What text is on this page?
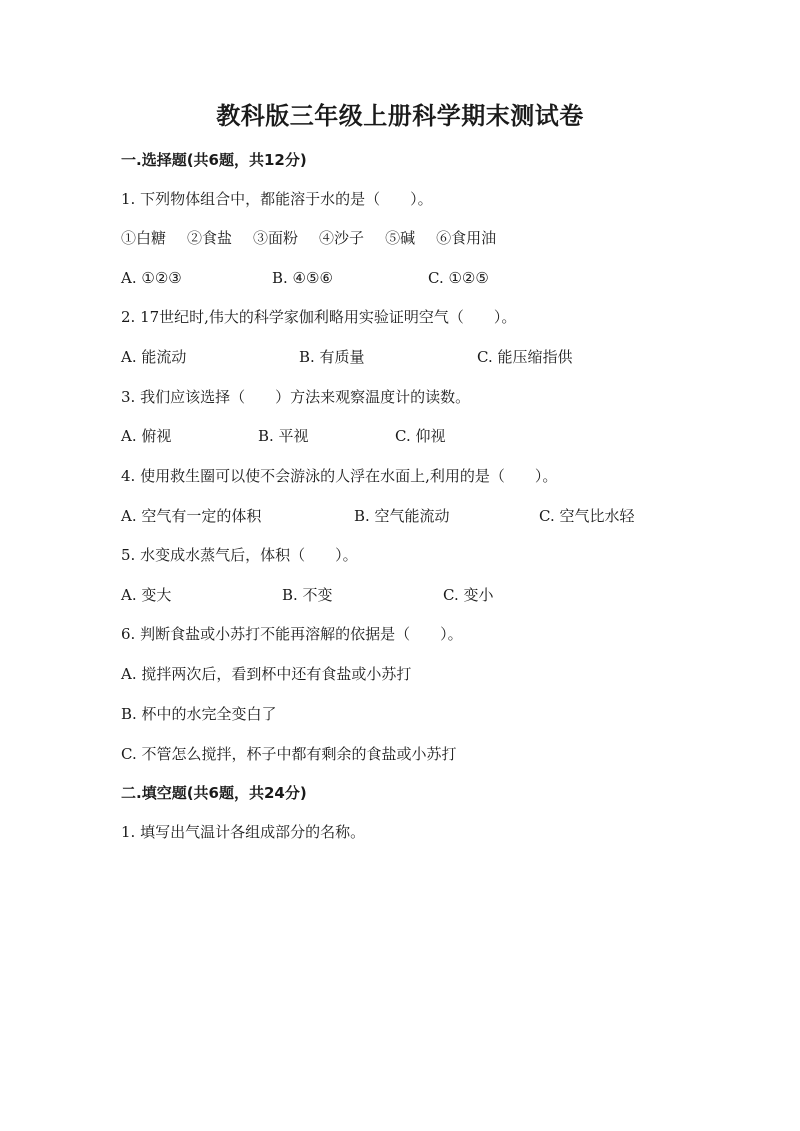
教科版三年级上册科学期末测试卷
一.选择题(共6题，共12分)
1. 下列物体组合中，都能溶于水的是（　　）。
①白糖 ②食盐 ③面粉 ④沙子 ⑤碱 ⑥食用油
A. ①②③	B. ④⑤⑥	C. ①②⑤
2. 17世纪时,伟大的科学家伽利略用实验证明空气（　　）。
A. 能流动	B. 有质量	C. 能压缩指供
3. 我们应该选择（　　）方法来观察温度计的读数。
A. 俯视	B. 平视	C. 仰视
4. 使用救生圈可以使不会游泳的人浮在水面上,利用的是（　　）。
A. 空气有一定的体积	B. 空气能流动	C. 空气比水轻
5. 水变成水蒸气后，体积（　　）。
A. 变大	B. 不变	C. 变小
6. 判断食盐或小苏打不能再溶解的依据是（　　）。
A. 搅拌两次后，看到杯中还有食盐或小苏打
B. 杯中的水完全变白了
C. 不管怎么搅拌，杯子中都有剩余的食盐或小苏打
二.填空题(共6题，共24分)
1. 填写出气温计各组成部分的名称。
